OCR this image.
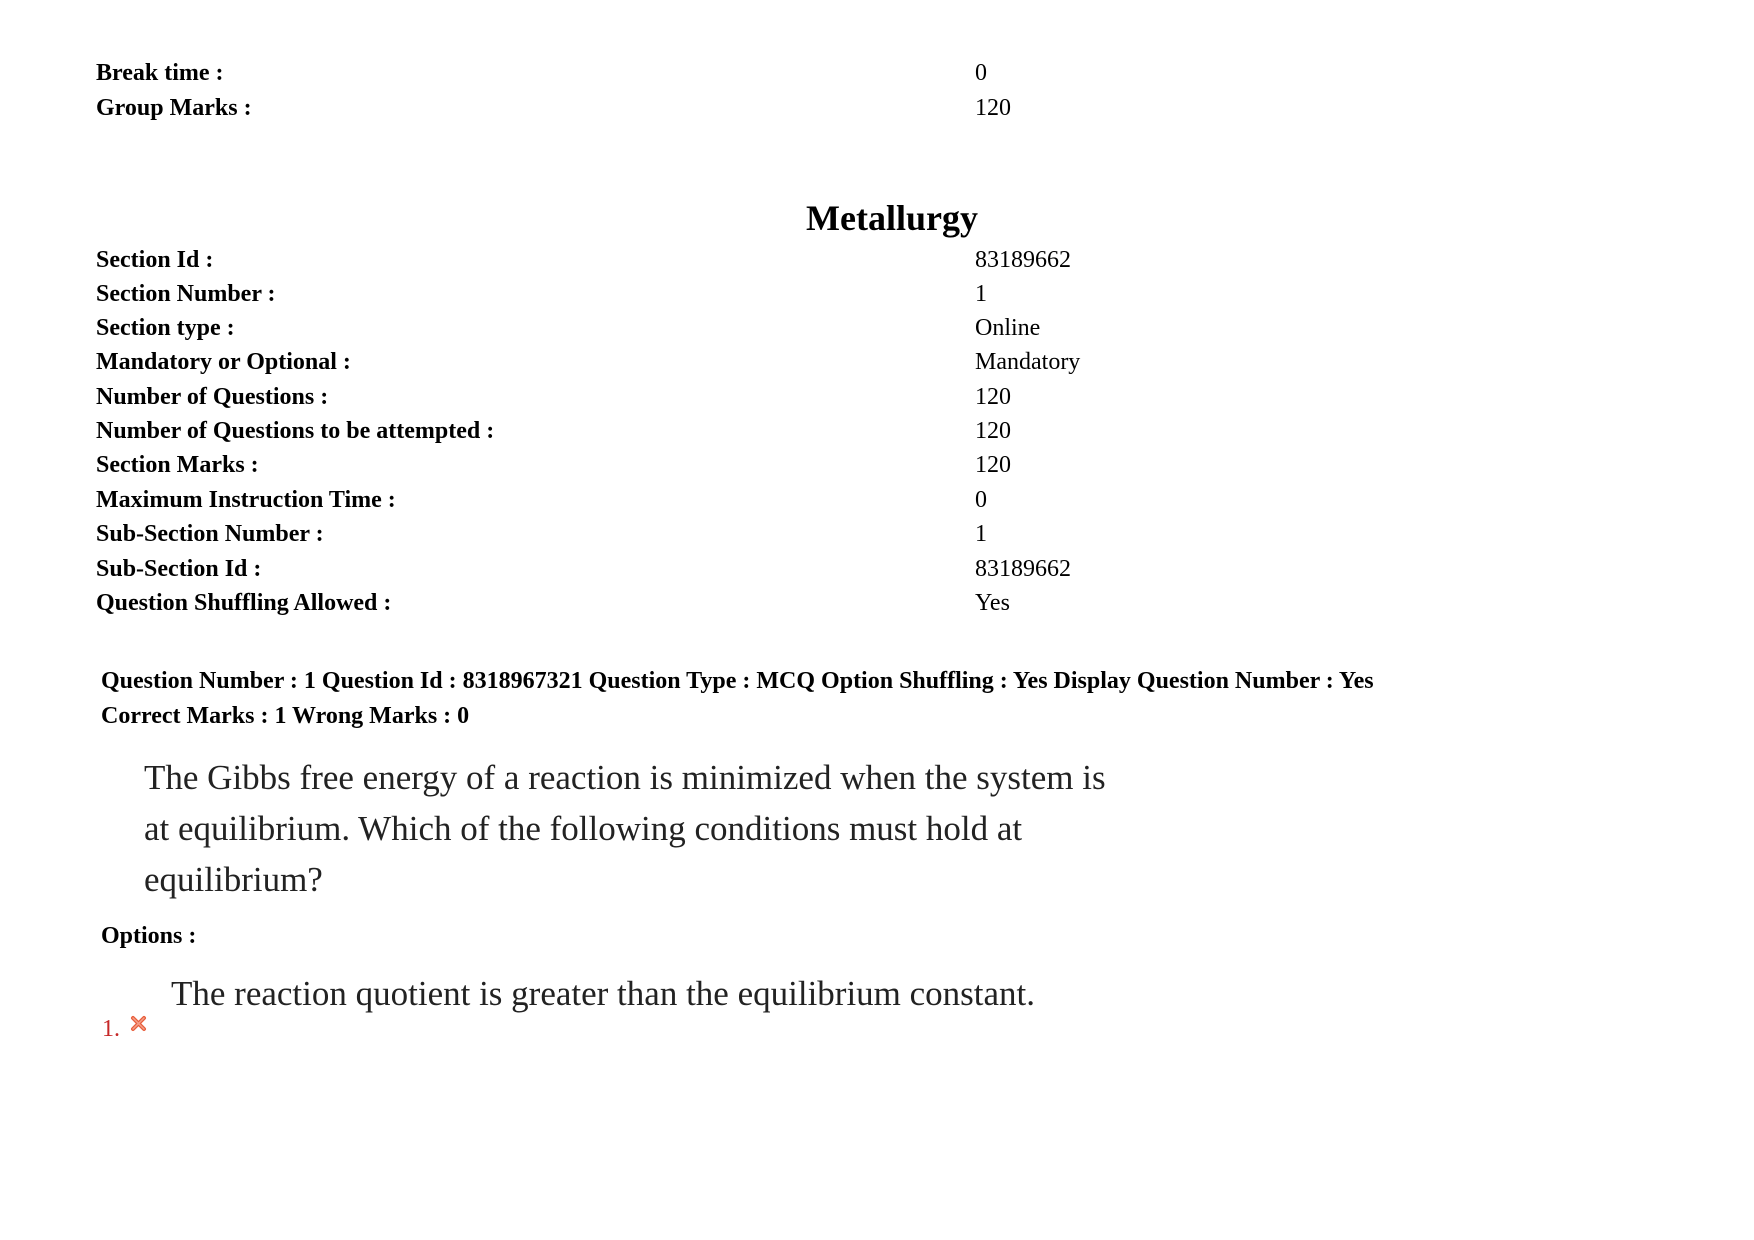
Break time :	0
Group Marks :	120
Metallurgy
Section Id :	83189662
Section Number :	1
Section type :	Online
Mandatory or Optional :	Mandatory
Number of Questions :	120
Number of Questions to be attempted :	120
Section Marks :	120
Maximum Instruction Time :	0
Sub-Section Number :	1
Sub-Section Id :	83189662
Question Shuffling Allowed :	Yes
Question Number : 1 Question Id : 8318967321 Question Type : MCQ Option Shuffling : Yes Display Question Number : Yes
Correct Marks : 1 Wrong Marks : 0
The Gibbs free energy of a reaction is minimized when the system is
at equilibrium. Which of the following conditions must hold at
equilibrium?
Options :
The reaction quotient is greater than the equilibrium constant.
1.
